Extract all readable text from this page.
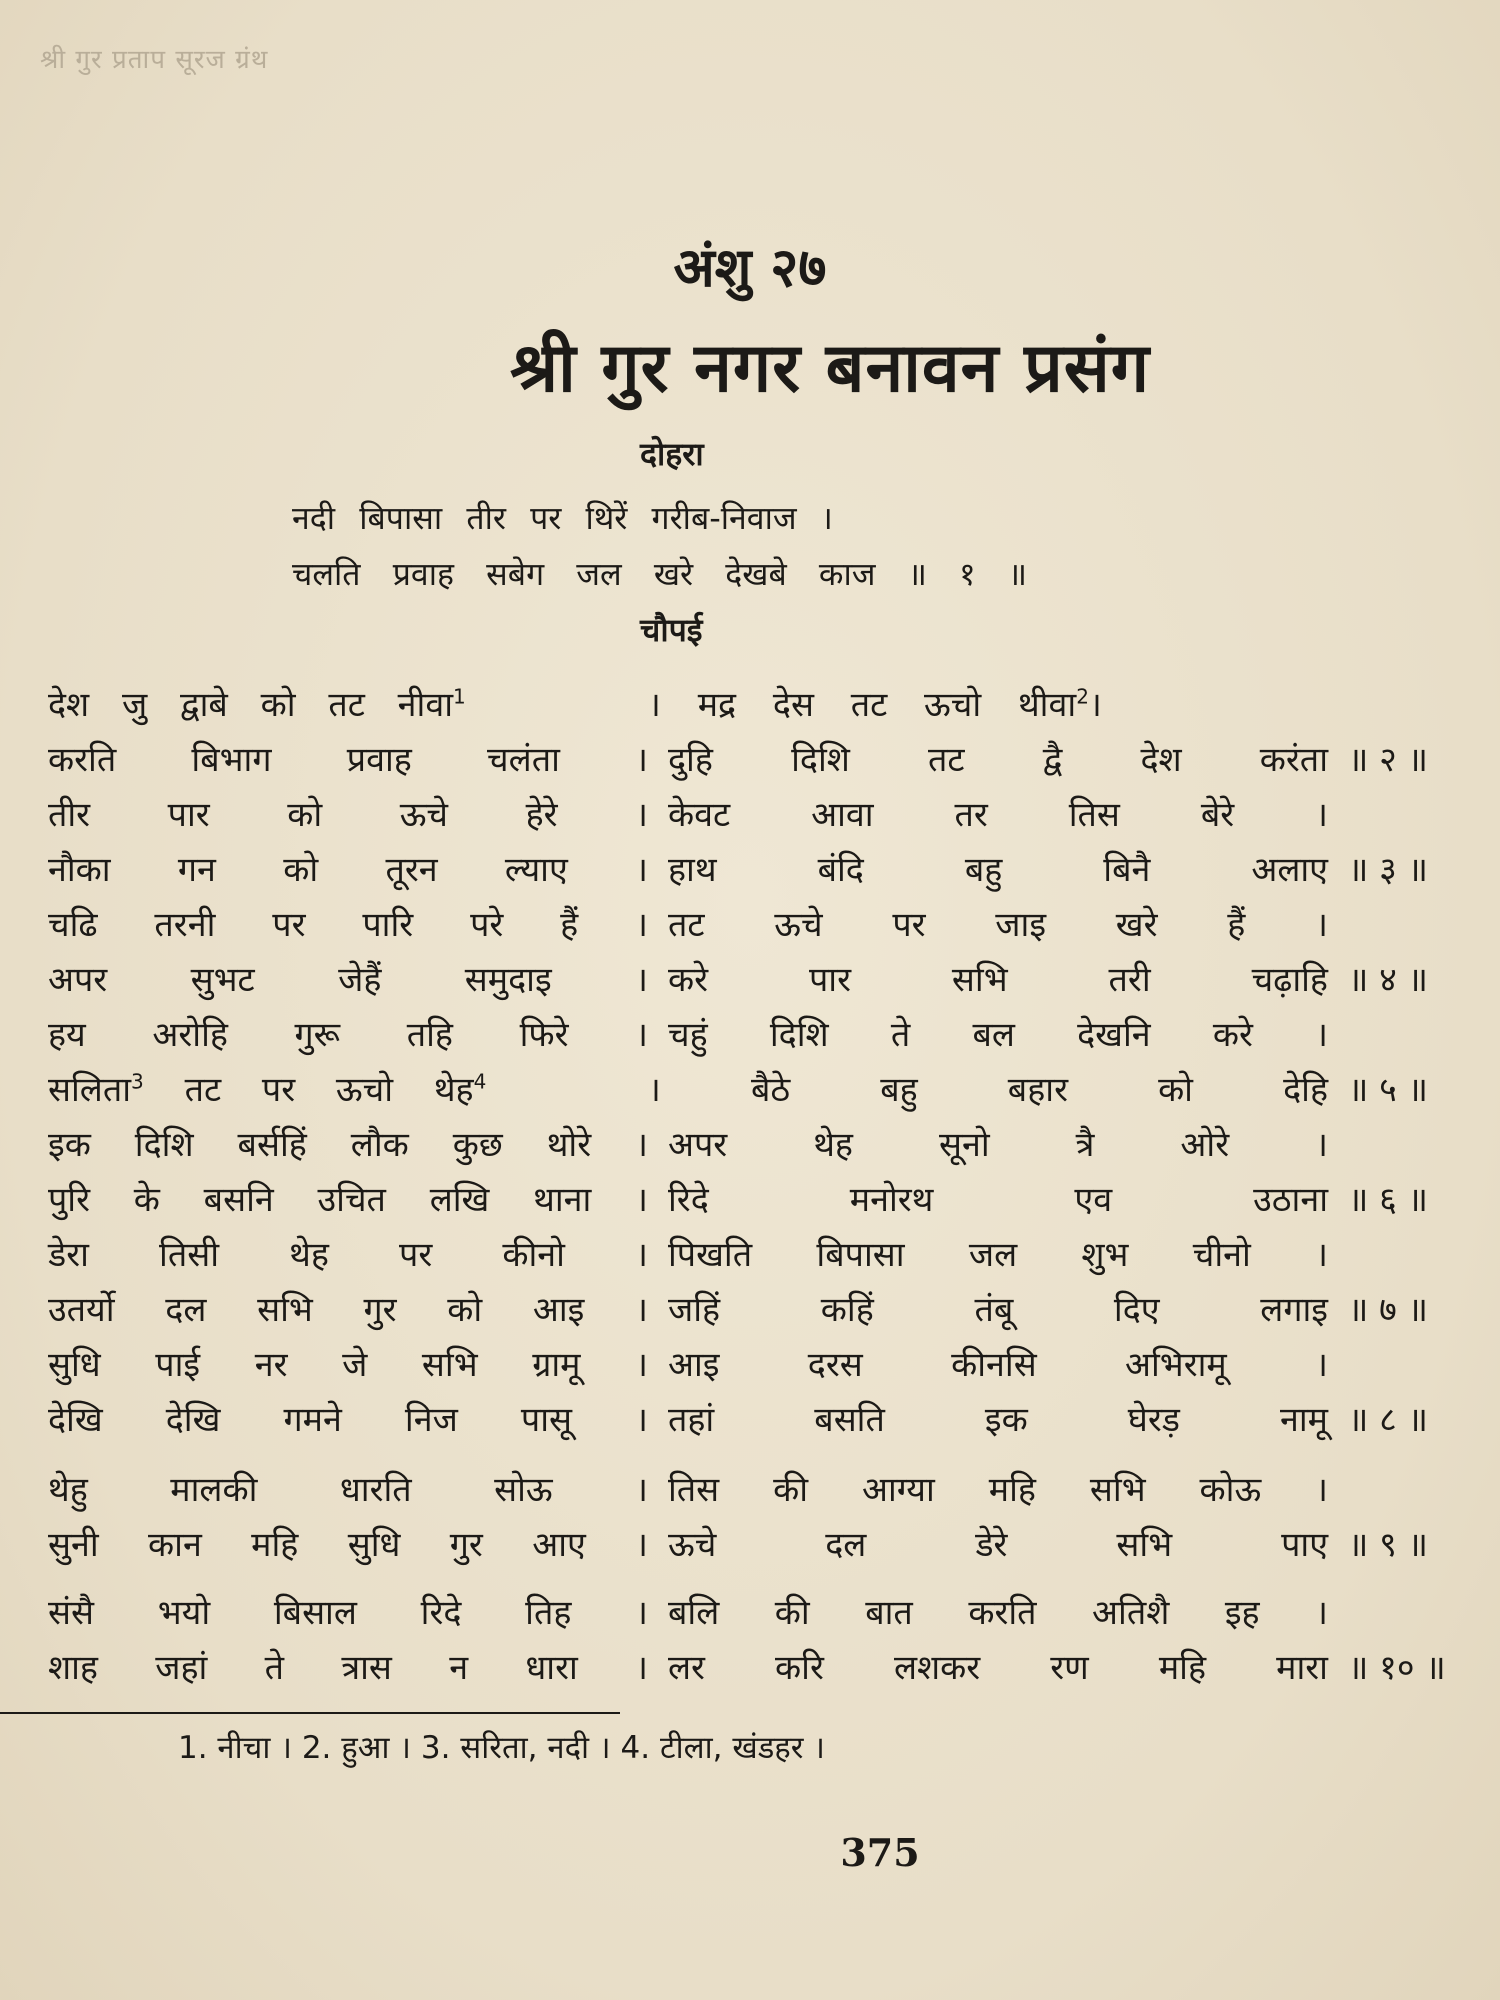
श्री गुर प्रताप सूरज ग्रंथ
अंशु २७
श्री गुर नगर बनावन प्रसंग
दोहरा
नदी बिपासा तीर पर थिरें गरीब-निवाज ।
चलति प्रवाह सबेग जल खरे देखबे काज ॥ १ ॥
चौपई
देश जु द्वाबे को तट नीवा$^1$	। मद्र देस तट ऊचो थीवा$^2$।
करति बिभाग प्रवाह चलंता । दुहि दिशि तट द्वै देश करंता ॥ २ ॥
तीर पार को ऊचे हेरे । केवट आवा तर तिस बेरे ।
नौका गन को तूरन ल्याए । हाथ बंदि बहु बिनै अलाए ॥ ३ ॥
चढि तरनी पर पारि परे हैं । तट ऊचे पर जाइ खरे हैं ।
अपर सुभट जेहैं समुदाइ । करे पार सभि तरी चढ़ाहि ॥ ४ ॥
हय अरोहि गुरू तहि फिरे । चहुं दिशि ते बल देखनि करे ।
सलिता$^3$ तट पर ऊचो थेह$^4$	। बैठे बहु बहार को देहि ॥ ५ ॥
इक दिशि बर्सहिं लौक कुछ थोरे । अपर थेह सूनो त्रै ओरे ।
पुरि के बसनि उचित लखि थाना । रिदे मनोरथ एव उठाना ॥ ६ ॥
डेरा तिसी थेह पर कीनो । पिखति बिपासा जल शुभ चीनो ।
उतर्यो दल सभि गुर को आइ । जहिं कहिं तंबू दिए लगाइ ॥ ७ ॥
सुधि पाई नर जे सभि ग्रामू । आइ दरस कीनसि अभिरामू ।
देखि देखि गमने निज पासू । तहां बसति इक घेरड़ नामू ॥ ८ ॥
थेहु मालकी धारति सोऊ । तिस की आग्या महि सभि कोऊ ।
सुनी कान महि सुधि गुर आए । ऊचे दल डेरे सभि पाए ॥ ९ ॥
संसै भयो बिसाल रिदे तिह । बलि की बात करति अतिशै इह ।
शाह जहां ते त्रास न धारा । लर करि लशकर रण महि मारा ॥ १० ॥
1. नीचा । 2. हुआ । 3. सरिता, नदी । 4. टीला, खंडहर ।
375
